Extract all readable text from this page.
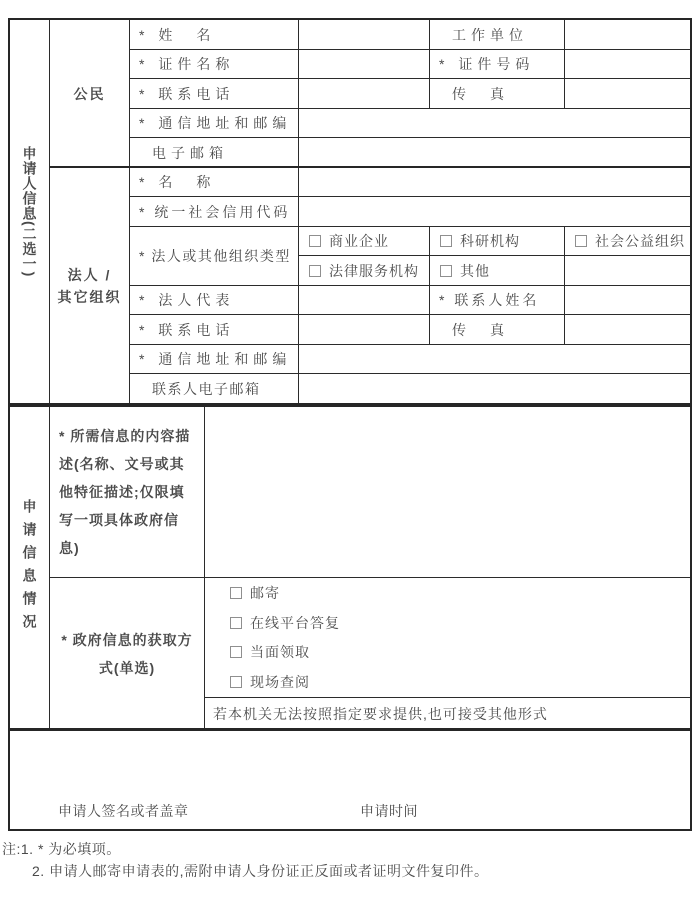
申请人信息(二选一)
公民
法人 /
其它组织
* 姓　名	工作单位
* 证件名称	* 证件号码
* 联系电话	传　真
* 通信地址和邮编
电子邮箱
* 名　称
* 统一社会信用代码
* 法人或其他组织类型
商业企业	科研机构	社会公益组织
法律服务机构	其他
* 法人代表	* 联系人姓名
* 联系电话	传　真
* 通信地址和邮编
联系人电子邮箱
申请信息情况
* 所需信息的内容描述(名称、文号或其他特征描述;仅限填写一项具体政府信息)
* 政府信息的获取方式(单选)
邮寄
在线平台答复
当面领取
现场查阅
若本机关无法按照指定要求提供,也可接受其他形式
申请人签名或者盖章	申请时间
注:1. * 为必填项。
2. 申请人邮寄申请表的,需附申请人身份证正反面或者证明文件复印件。
